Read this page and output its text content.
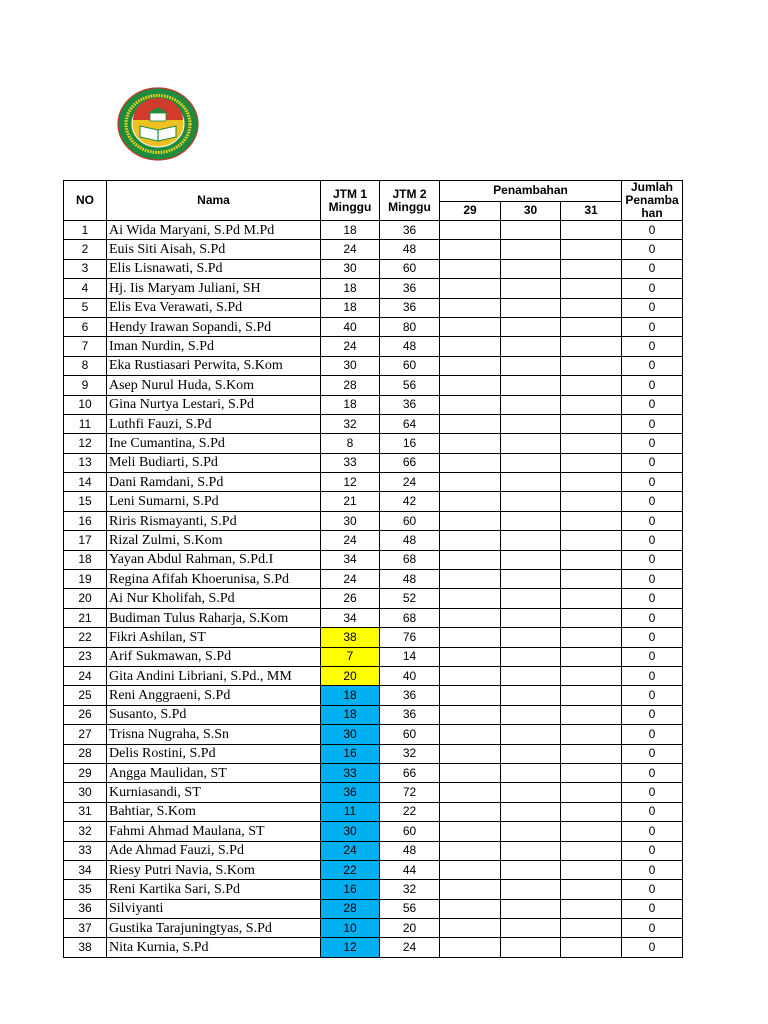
NO	Nama	JTM 1 Minggu	JTM 2 Minggu	Penambahan			Jumlah Penambahan
				29	30	31	
1	Ai Wida Maryani, S.Pd M.Pd	18	36				0
2	Euis Siti Aisah, S.Pd	24	48				0
3	Elis Lisnawati, S.Pd	30	60				0
4	Hj. Iis Maryam Juliani, SH	18	36				0
5	Elis Eva Verawati, S.Pd	18	36				0
6	Hendy Irawan Sopandi, S.Pd	40	80				0
7	Iman Nurdin, S.Pd	24	48				0
8	Eka Rustiasari Perwita, S.Kom	30	60				0
9	Asep Nurul Huda, S.Kom	28	56				0
10	Gina Nurtya Lestari, S.Pd	18	36				0
11	Luthfi Fauzi, S.Pd	32	64				0
12	Ine Cumantina, S.Pd	8	16				0
13	Meli Budiarti, S.Pd	33	66				0
14	Dani Ramdani, S.Pd	12	24				0
15	Leni Sumarni, S.Pd	21	42				0
16	Riris Rismayanti, S.Pd	30	60				0
17	Rizal Zulmi, S.Kom	24	48				0
18	Yayan Abdul Rahman, S.Pd.I	34	68				0
19	Regina Afifah Khoerunisa, S.Pd	24	48				0
20	Ai Nur Kholifah, S.Pd	26	52				0
21	Budiman Tulus Raharja, S.Kom	34	68				0
22	Fikri Ashilan, ST	38	76				0
23	Arif Sukmawan, S.Pd	7	14				0
24	Gita Andini Libriani, S.Pd., MM	20	40				0
25	Reni Anggraeni, S.Pd	18	36				0
26	Susanto, S.Pd	18	36				0
27	Trisna Nugraha, S.Sn	30	60				0
28	Delis Rostini, S.Pd	16	32				0
29	Angga Maulidan, ST	33	66				0
30	Kurniasandi, ST	36	72				0
31	Bahtiar, S.Kom	11	22				0
32	Fahmi Ahmad Maulana, ST	30	60				0
33	Ade Ahmad Fauzi, S.Pd	24	48				0
34	Riesy Putri Navia, S.Kom	22	44				0
35	Reni Kartika Sari, S.Pd	16	32				0
36	Silviyanti	28	56				0
37	Gustika Tarajuningtyas, S.Pd	10	20				0
38	Nita Kurnia, S.Pd	12	24				0
